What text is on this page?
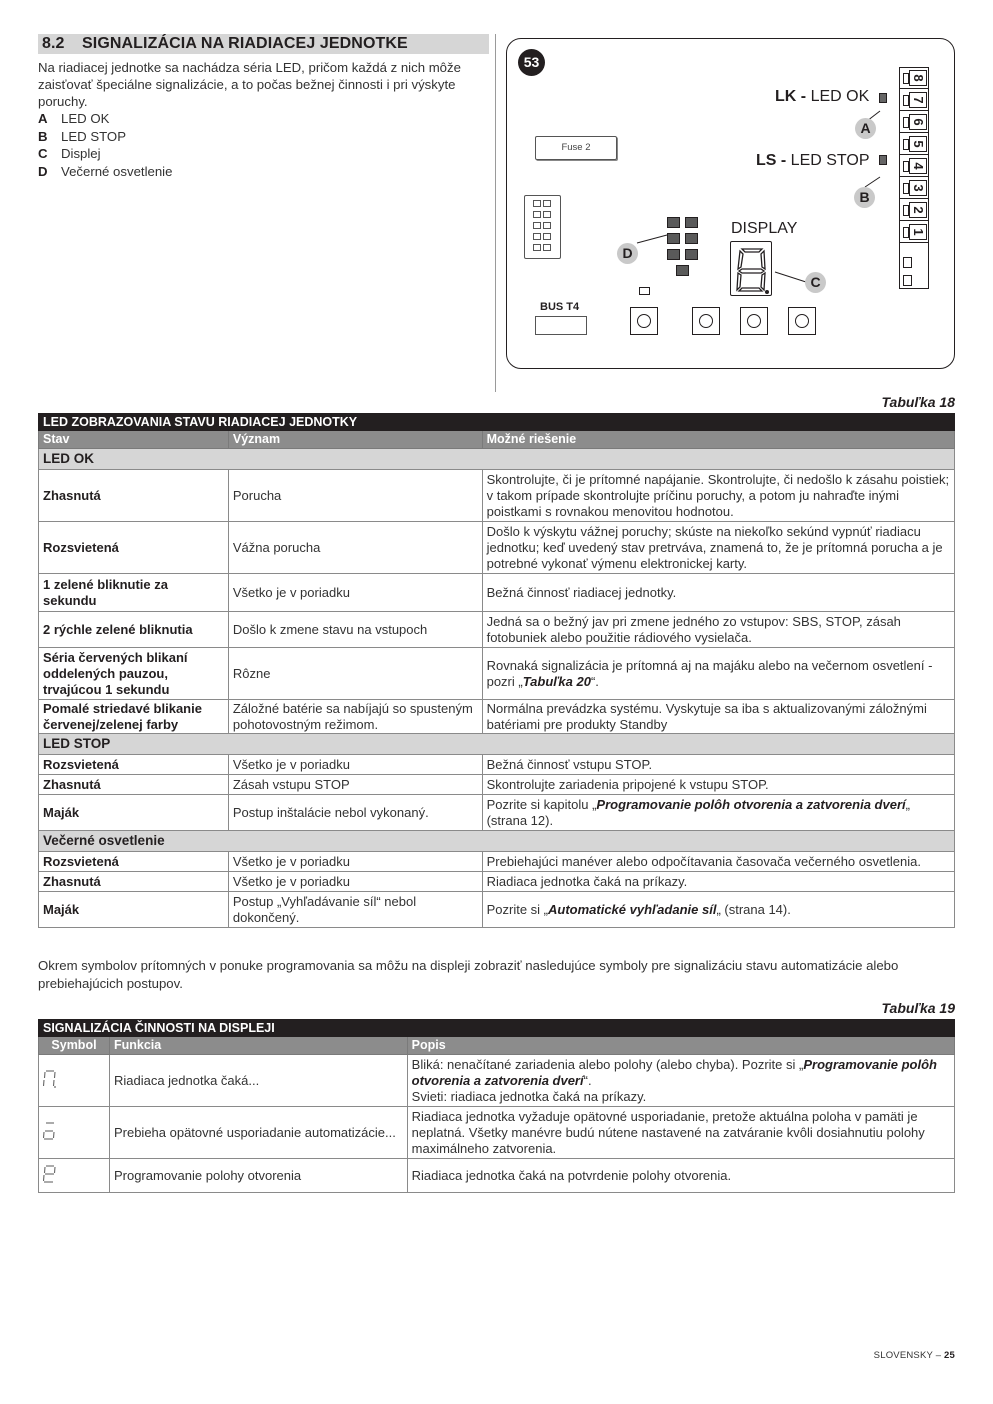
8.2 SIGNALIZÁCIA NA RIADIACEJ JEDNOTKE

Na riadiacej jednotke sa nachádza séria LED, pričom každá z nich môže zaisťovať špeciálne signalizácie, a to počas bežnej činnosti i pri výskyte poruchy.

A LED OK
B LED STOP
C Displej
D Večerné osvetlenie
53
LK - LED OK
A
LS - LED STOP
B
Fuse 2
D
DISPLAY
C
BUS T4
8
7
6
5
4
3
2
1
Tabuľka 18
LED ZOBRAZOVANIA STAVU RIADIACEJ JEDNOTKY		
Stav	Význam	Možné riešenie
LED OK		
Zhasnutá	Porucha	Skontrolujte, či je prítomné napájanie. Skontrolujte, či nedošlo k zásahu poistiek; v takom prípade skontrolujte príčinu poruchy, a potom ju nahraďte inými poistkami s rovnakou menovitou hodnotou.
Rozsvietená	Vážna porucha	Došlo k výskytu vážnej poruchy; skúste na niekoľko sekúnd vypnúť riadiacu jednotku; keď uvedený stav pretrváva, znamená to, že je prítomná porucha a je potrebné vykonať výmenu elektronickej karty.
1 zelené bliknutie za sekundu	Všetko je v poriadku	Bežná činnosť riadiacej jednotky.
2 rýchle zelené bliknutia	Došlo k zmene stavu na vstupoch	Jedná sa o bežný jav pri zmene jedného zo vstupov: SBS, STOP, zásah fotobuniek alebo použitie rádiového vysielača.
Séria červených blikaní oddelených pauzou, trvajúcou 1 sekundu	Rôzne	Rovnaká signalizácia je prítomná aj na majáku alebo na večernom osvetlení - pozri „Tabuľka 20“.
Pomalé striedavé blikanie červenej/zelenej farby	Záložné batérie sa nabíjajú so spusteným pohotovostným režimom.	Normálna prevádzka systému. Vyskytuje sa iba s aktualizovanými záložnými batériami pre produkty Standby
LED STOP		
Rozsvietená	Všetko je v poriadku	Bežná činnosť vstupu STOP.
Zhasnutá	Zásah vstupu STOP	Skontrolujte zariadenia pripojené k vstupu STOP.
Maják	Postup inštalácie nebol vykonaný.	Pozrite si kapitolu „Programovanie polôh otvorenia a zatvorenia dverí„ (strana 12).
Večerné osvetlenie		
Rozsvietená	Všetko je v poriadku	Prebiehajúci manéver alebo odpočítavania časovača večerného osvetlenia.
Zhasnutá	Všetko je v poriadku	Riadiaca jednotka čaká na príkazy.
Maják	Postup „Vyhľadávanie síl“ nebol dokončený.	Pozrite si „Automatické vyhľadanie síl„ (strana 14).

Okrem symbolov prítomných v ponuke programovania sa môžu na displeji zobraziť nasledujúce symboly pre signalizáciu stavu automatizácie alebo prebiehajúcich postupov.

Tabuľka 19
SIGNALIZÁCIA ČINNOSTI NA DISPLEJI		
Symbol	Funkcia	Popis
	Riadiaca jednotka čaká...	Bliká: nenačítané zariadenia alebo polohy (alebo chyba). Pozrite si „Programovanie polôh otvorenia a zatvorenia dverí“.
Svieti: riadiaca jednotka čaká na príkazy.
	Prebieha opätovné usporiadanie automatizácie...	Riadiaca jednotka vyžaduje opätovné usporiadanie, pretože aktuálna poloha v pamäti je neplatná. Všetky manévre budú nútene nastavené na zatváranie kvôli dosiahnutiu polohy maximálneho zatvorenia.
	Programovanie polohy otvorenia	Riadiaca jednotka čaká na potvrdenie polohy otvorenia.
SLOVENSKY – 25
